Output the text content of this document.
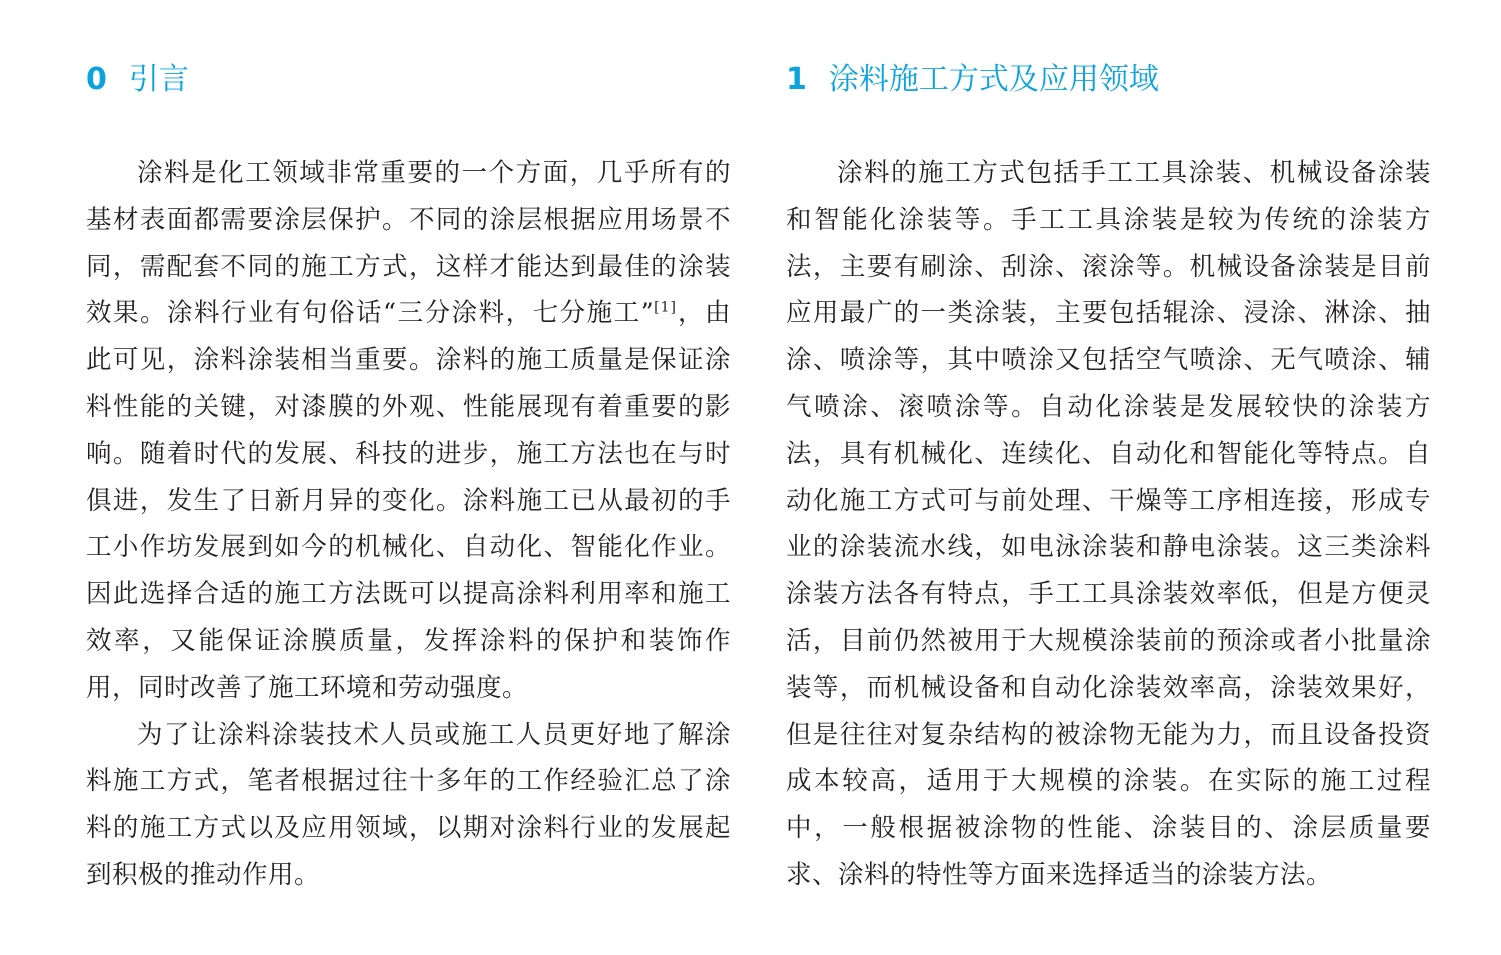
0 引言

涂料是化工领域非常重要的一个方面，几乎所有的基材表面都需要涂层保护。不同的涂层根据应用场景不同，需配套不同的施工方式，这样才能达到最佳的涂装效果。涂料行业有句俗话“三分涂料，七分施工”[1]，由此可见，涂料涂装相当重要。涂料的施工质量是保证涂料性能的关键，对漆膜的外观、性能展现有着重要的影响。随着时代的发展、科技的进步，施工方法也在与时俱进，发生了日新月异的变化。涂料施工已从最初的手工小作坊发展到如今的机械化、自动化、智能化作业。因此选择合适的施工方法既可以提高涂料利用率和施工效率，又能保证涂膜质量，发挥涂料的保护和装饰作用，同时改善了施工环境和劳动强度。

为了让涂料涂装技术人员或施工人员更好地了解涂料施工方式，笔者根据过往十多年的工作经验汇总了涂料的施工方式以及应用领域，以期对涂料行业的发展起到积极的推动作用。

1 涂料施工方式及应用领域

涂料的施工方式包括手工工具涂装、机械设备涂装和智能化涂装等。手工工具涂装是较为传统的涂装方法，主要有刷涂、刮涂、滚涂等。机械设备涂装是目前应用最广的一类涂装，主要包括辊涂、浸涂、淋涂、抽涂、喷涂等，其中喷涂又包括空气喷涂、无气喷涂、辅气喷涂、滚喷涂等。自动化涂装是发展较快的涂装方法，具有机械化、连续化、自动化和智能化等特点。自动化施工方式可与前处理、干燥等工序相连接，形成专业的涂装流水线，如电泳涂装和静电涂装。这三类涂料涂装方法各有特点，手工工具涂装效率低，但是方便灵活，目前仍然被用于大规模涂装前的预涂或者小批量涂装等，而机械设备和自动化涂装效率高，涂装效果好，但是往往对复杂结构的被涂物无能为力，而且设备投资成本较高，适用于大规模的涂装。在实际的施工过程中，一般根据被涂物的性能、涂装目的、涂层质量要求、涂料的特性等方面来选择适当的涂装方法。
